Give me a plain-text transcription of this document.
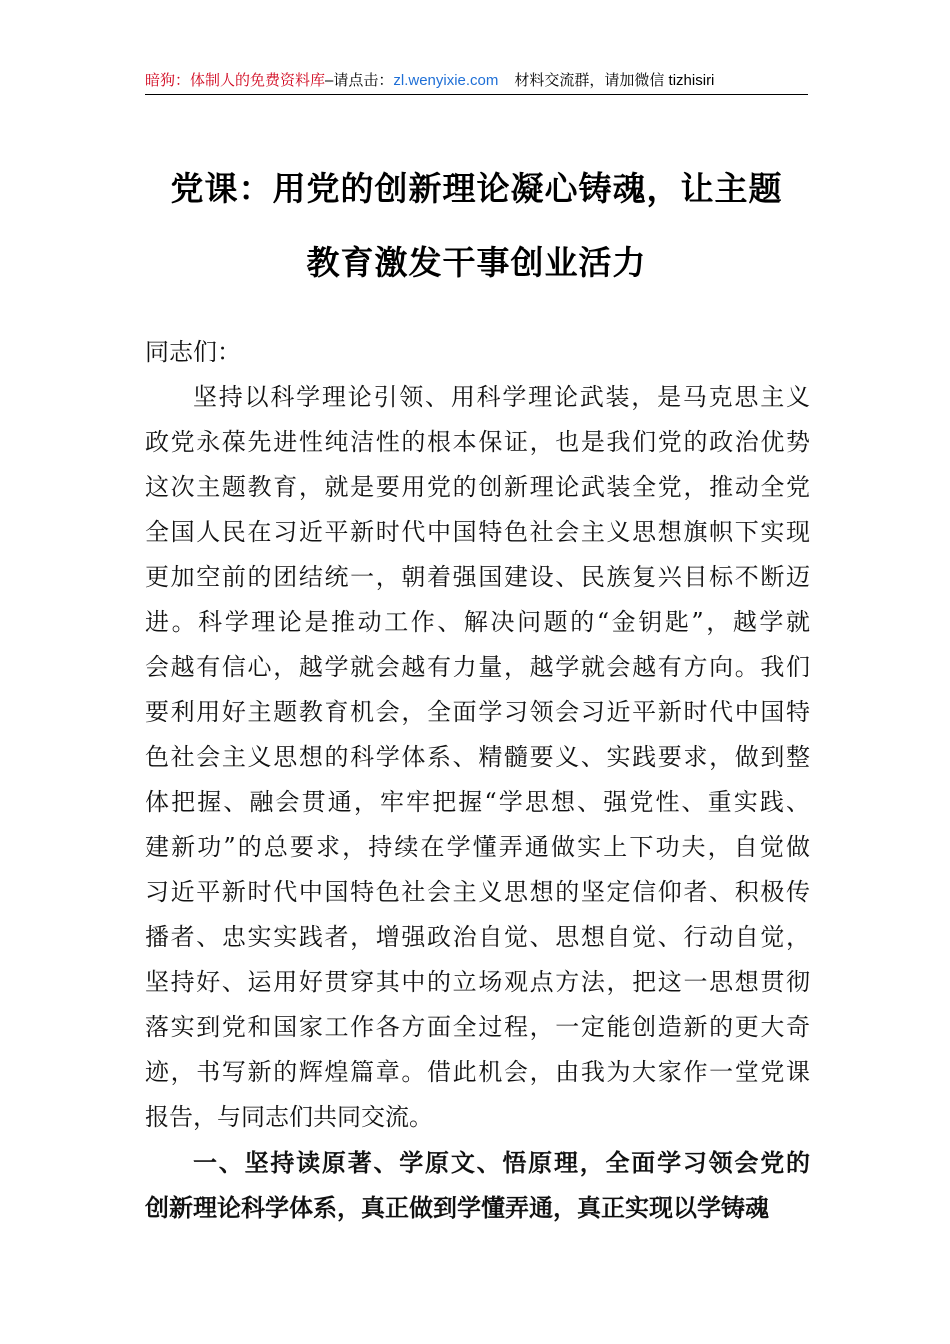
暗狗：体制人的免费资料库–请点击：zl.wenyixie.com 材料交流群，请加微信 tizhisiri
党课：用党的创新理论凝心铸魂，让主题
教育激发干事创业活力
同志们：
坚持以科学理论引领、用科学理论武装，是马克思主义
政党永葆先进性纯洁性的根本保证，也是我们党的政治优势
这次主题教育，就是要用党的创新理论武装全党，推动全党
全国人民在习近平新时代中国特色社会主义思想旗帜下实现
更加空前的团结统一，朝着强国建设、民族复兴目标不断迈
进。科学理论是推动工作、解决问题的“金钥匙”，越学就
会越有信心，越学就会越有力量，越学就会越有方向。我们
要利用好主题教育机会，全面学习领会习近平新时代中国特
色社会主义思想的科学体系、精髓要义、实践要求，做到整
体把握、融会贯通，牢牢把握“学思想、强党性、重实践、
建新功”的总要求，持续在学懂弄通做实上下功夫，自觉做
习近平新时代中国特色社会主义思想的坚定信仰者、积极传
播者、忠实实践者，增强政治自觉、思想自觉、行动自觉，
坚持好、运用好贯穿其中的立场观点方法，把这一思想贯彻
落实到党和国家工作各方面全过程，一定能创造新的更大奇
迹，书写新的辉煌篇章。借此机会，由我为大家作一堂党课
报告，与同志们共同交流。
一、坚持读原著、学原文、悟原理，全面学习领会党的
创新理论科学体系，真正做到学懂弄通，真正实现以学铸魂
